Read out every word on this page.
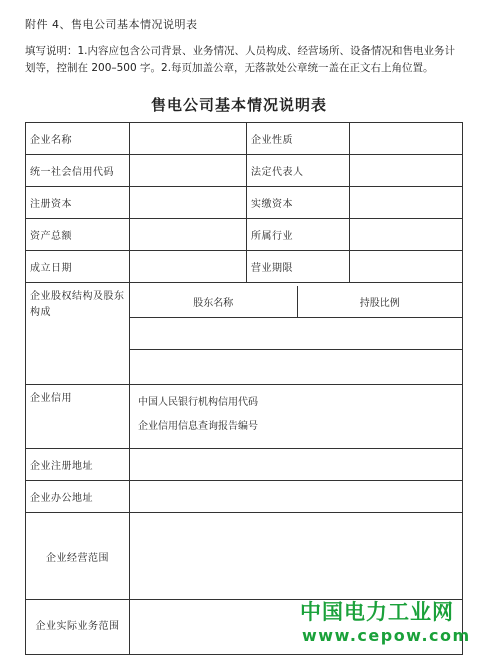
附件 4、售电公司基本情况说明表
填写说明：1.内容应包含公司背景、业务情况、人员构成、经营场所、设备情况和售电业务计划等，控制在 200–500 字。2.每页加盖公章，无落款处公章统一盖在正文右上角位置。
售电公司基本情况说明表
企业名称		企业性质	
统一社会信用代码		法定代表人	
注册资本		实缴资本	
资产总额		所属行业	
成立日期		营业期限	
企业股权结构及股东构成	
股东名称	持股比例

企业信用	中国人民银行机构信用代码
企业信用信息查询报告编号

企业注册地址	
企业办公地址	
企业经营范围	
企业实际业务范围	
中国电力工业网
www.cepow.com
